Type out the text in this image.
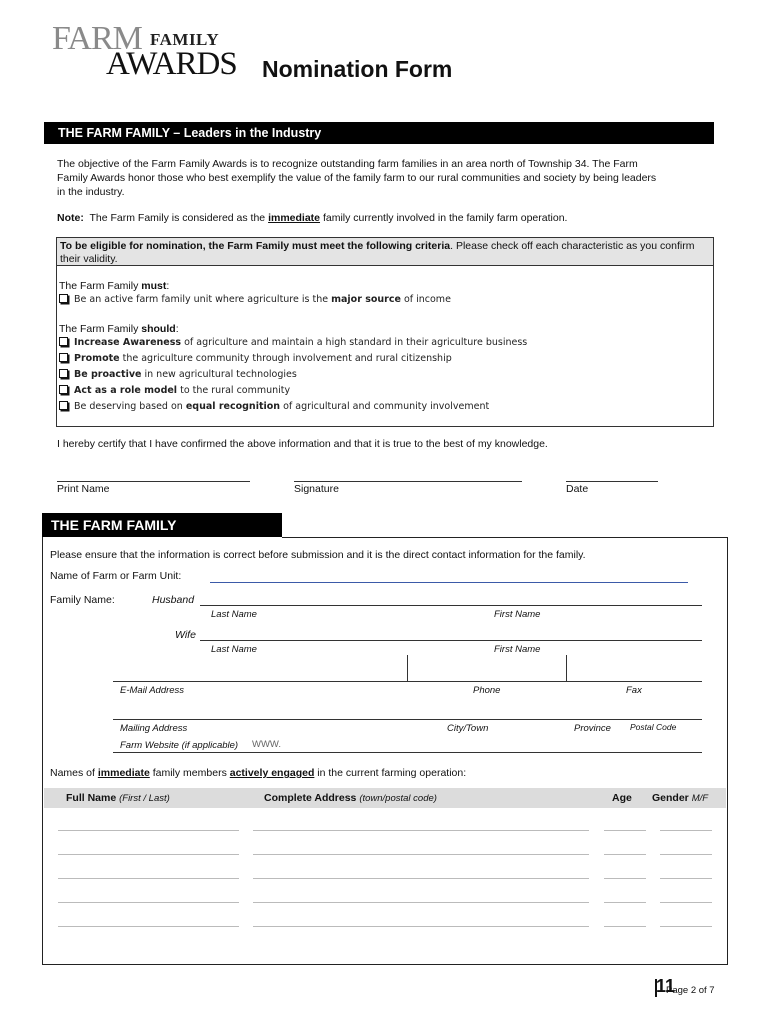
FARM FAMILY
AWARDS Nomination Form
THE FARM FAMILY – Leaders in the Industry
The objective of the Farm Family Awards is to recognize outstanding farm families in an area north of Township 34. The Farm Family Awards honor those who best exemplify the value of the family farm to our rural communities and society by being leaders in the industry.
Note: The Farm Family is considered as the immediate family currently involved in the family farm operation.
To be eligible for nomination, the Farm Family must meet the following criteria. Please check off each characteristic as you confirm their validity.
The Farm Family must:
Be an active farm family unit where agriculture is the major source of income
The Farm Family should:
Increase Awareness of agriculture and maintain a high standard in their agriculture business
Promote the agriculture community through involvement and rural citizenship
Be proactive in new agricultural technologies
Act as a role model to the rural community
Be deserving based on equal recognition of agricultural and community involvement
I hereby certify that I have confirmed the above information and that it is true to the best of my knowledge.
Print Name	Signature	Date
THE FARM FAMILY
Please ensure that the information is correct before submission and it is the direct contact information for the family.
Name of Farm or Farm Unit:
Family Name:	Husband
Last Name	First Name
Wife
Last Name	First Name
E-Mail Address	Phone	Fax
Mailing Address	City/Town	Province Postal Code
Farm Website (if applicable) WWW.
Names of immediate family members actively engaged in the current farming operation:
Full Name (First / Last)	Complete Address (town/postal code)	Age Gender M/F
11
Page 2 of 7
